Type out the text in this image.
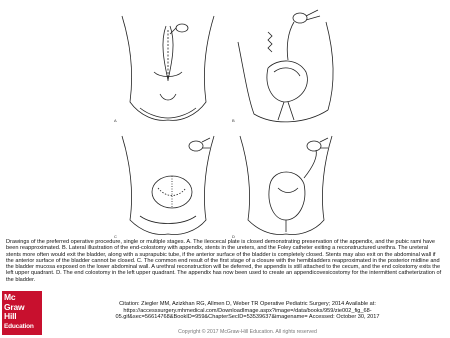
A	B
C	D
Drawings of the preferred operative procedure, single or multiple stages. A. The ileocecal plate is closed demonstrating preservation of the appendix, and the pubic rami have been reapproximated. B. Lateral illustration of the end-colostomy with appendix, stents in the ureters, and the Foley catheter exiting a reconstructured urethra. The ureteral stents more often would exit the bladder, along with a suprapubic tube, if the anterior surface of the bladder is completely closed. Stents may also exit on the abdominal wall if the anterior surface of the bladder cannot be closed. C. The common end result of the first stage of a closure with the hemibladders reapproximated in the posterior midline and the bladder mucosa exposed on the lower abdominal wall. A urethral reconstruction will be deferred, the appendix is still attached to the cecum, and the end colostomy exits the left upper quadrant. D. The end colostomy in the left upper quadrant. The appendix has now been used to create an appendicovesicostomy for the intermittent catheterization of the bladder.
Mc
Graw
Hill
Education
Citation: Ziegler MM, Azizkhan RG, Allmen D, Weber TR Operative Pediatric Surgery; 2014 Available at:
https://accesssurgery.mhmedical.com/DownloadImage.aspx?image=/data/books/959/zie002_fig_68-
05.gif&sec=56614768&BookID=959&ChapterSecID=53539637&imagename= Accessed: October 30, 2017
Copyright © 2017 McGraw-Hill Education. All rights reserved
